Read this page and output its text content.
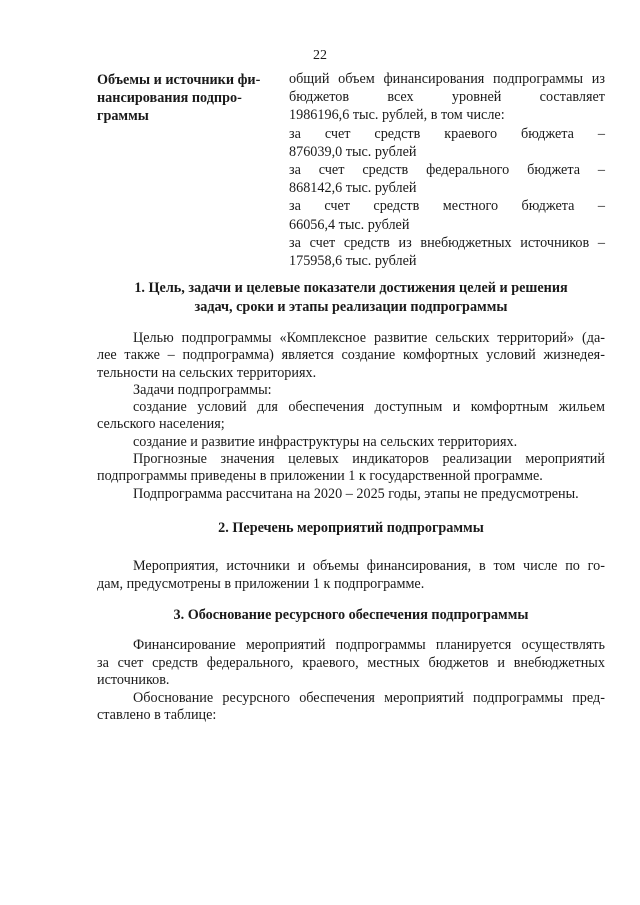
22
Объемы и источники фи-
нансирования подпро-
граммы
общий объем финансирования подпрограммы из
бюджетов	всех	уровней	составляет
1986196,6 тыс. рублей, в том числе:
за счет средств краевого бюджета –
876039,0 тыс. рублей
за счет средств федерального бюджета –
868142,6 тыс. рублей
за счет средств местного бюджета –
66056,4 тыс. рублей
за счет средств из внебюджетных источников –
175958,6 тыс. рублей
1. Цель, задачи и целевые показатели достижения целей и решения
задач, сроки и этапы реализации подпрограммы
Целью подпрограммы «Комплексное развитие сельских территорий» (да-
лее также – подпрограмма) является создание комфортных условий жизнедея-
тельности на сельских территориях.
Задачи подпрограммы:
создание условий для обеспечения доступным и комфортным жильем
сельского населения;
создание и развитие инфраструктуры на сельских территориях.
Прогнозные значения целевых индикаторов реализации мероприятий
подпрограммы приведены в приложении 1 к государственной программе.
Подпрограмма рассчитана на 2020 – 2025 годы, этапы не предусмотрены.
2. Перечень мероприятий подпрограммы
Мероприятия, источники и объемы финансирования, в том числе по го-
дам, предусмотрены в приложении 1 к подпрограмме.
3. Обоснование ресурсного обеспечения подпрограммы
Финансирование мероприятий подпрограммы планируется осуществлять
за счет средств федерального, краевого, местных бюджетов и внебюджетных
источников.
Обоснование ресурсного обеспечения мероприятий подпрограммы пред-
ставлено в таблице:
